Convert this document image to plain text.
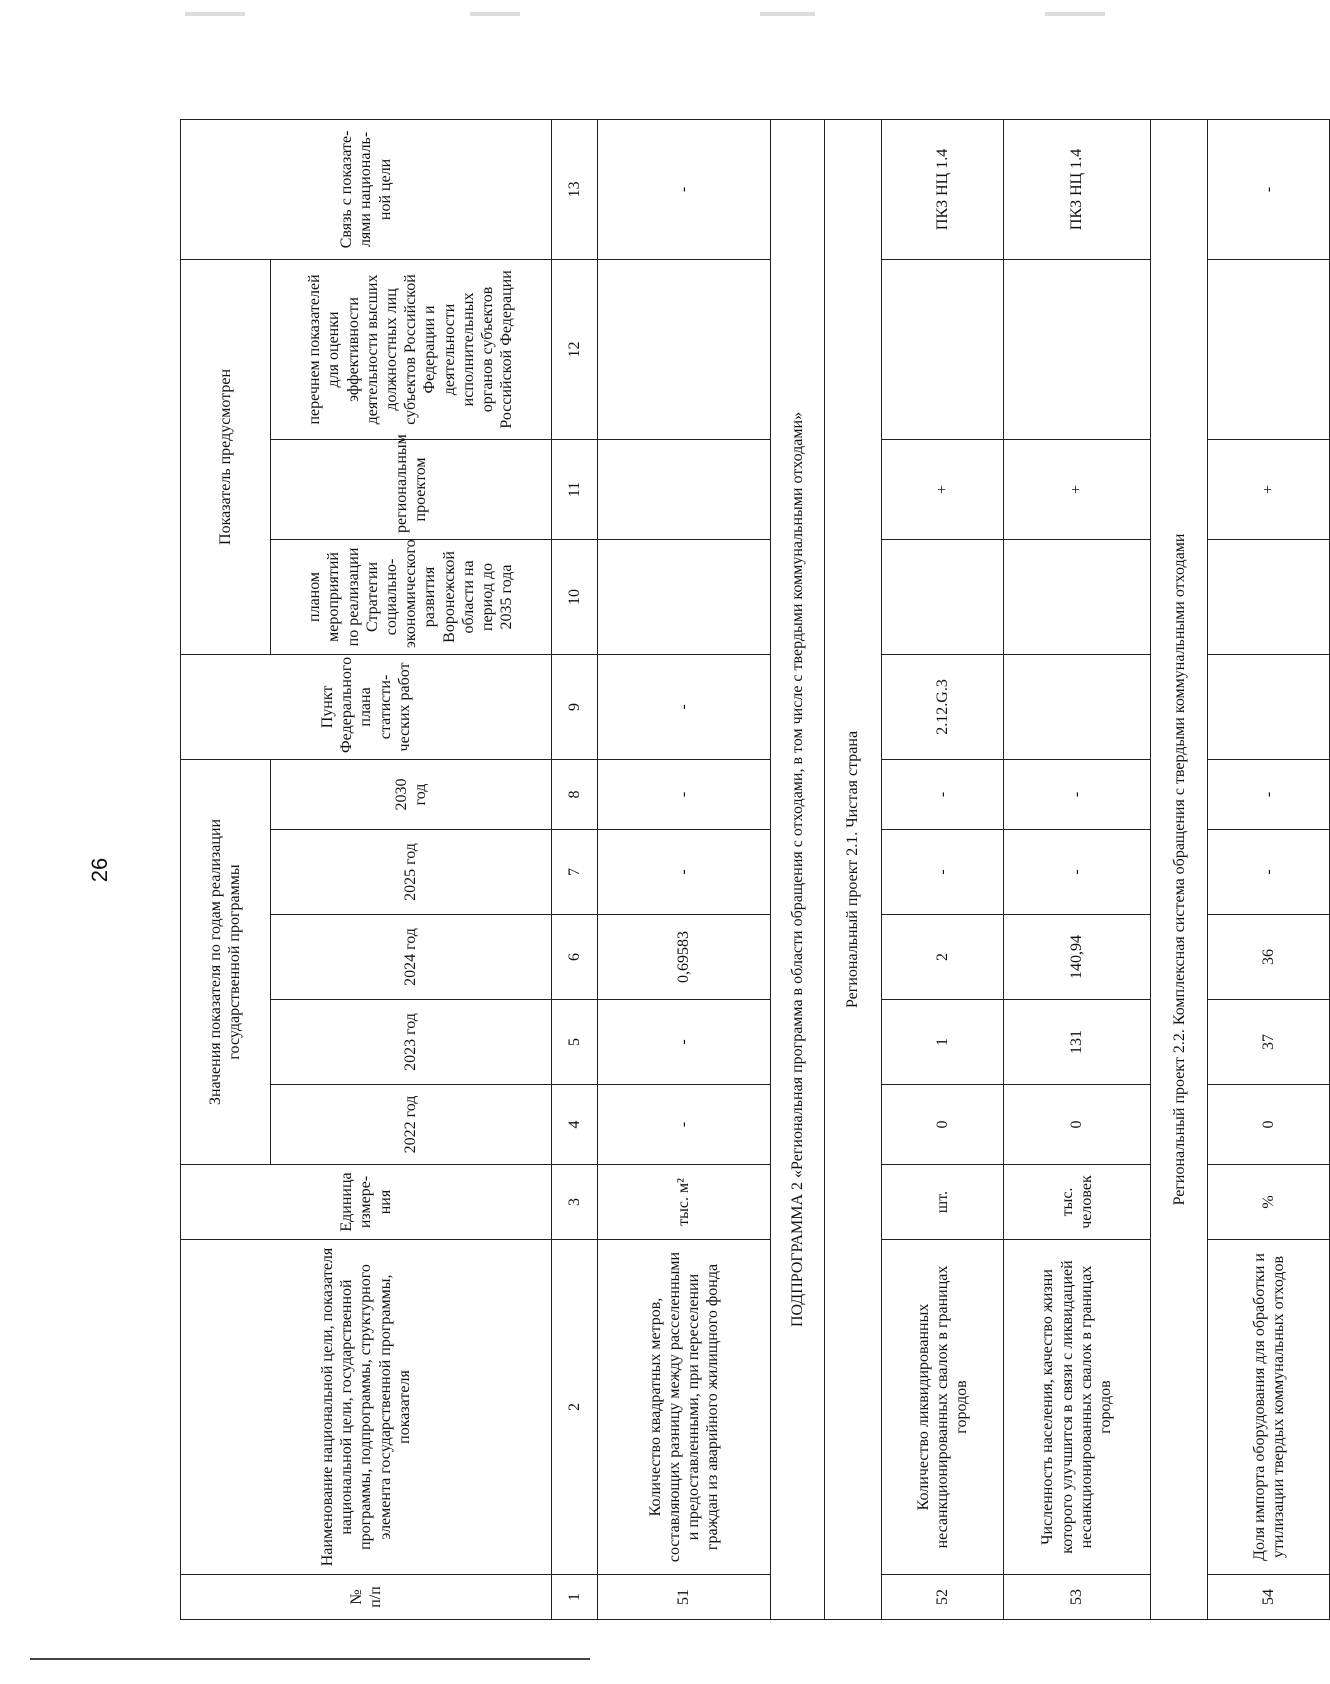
26
№ п/п	Наименование национальной цели, показателя национальной цели, государственной программы, подпрограммы, структурного элемента государственной программы, показателя	Единица измере-ния	Значения показателя по годам реализации государственной программы					Пункт Федерального плана статисти-ческих работ	Показатель предусмотрен			Связь с показате-лями националь-ной цели
			2022 год	2023 год	2024 год	2025 год	2030 год		планом мероприятий по реализации Стратегии социально-экономического развития Воронежской области на период до 2035 года	региональным проектом	перечнем показателей для оценки эффективности деятельности высших должностных лиц субъектов Российской Федерации и деятельности исполнительных органов субъектов Российской Федерации	
1	2	3	4	5	6	7	8	9	10	11	12	13
51	Количество квадратных метров, составляющих разницу между расселенными и предоставленными, при переселении граждан из аварийного жилищного фонда	тыс. м²	-	-	0,69583	-	-	-				-
ПОДПРОГРАММА 2 «Региональная программа в области обращения с отходами, в том числе с твердыми коммунальными отходами»												
Региональный проект 2.1. Чистая страна												
52	Количество ликвидированных несанкционированных свалок в границах городов	шт.	0	1	2	-	-	2.12.G.3		+		ПКЗ НЦ 1.4
53	Численность населения, качество жизни которого улучшится в связи с ликвидацией несанкционированных свалок в границах городов	тыс. человек	0	131	140,94	-	-			+		ПКЗ НЦ 1.4
Региональный проект 2.2. Комплексная система обращения с твердыми коммунальными отходами												
54	Доля импорта оборудования для обработки и утилизации твердых коммунальных отходов	%	0	37	36	-	-			+		-
